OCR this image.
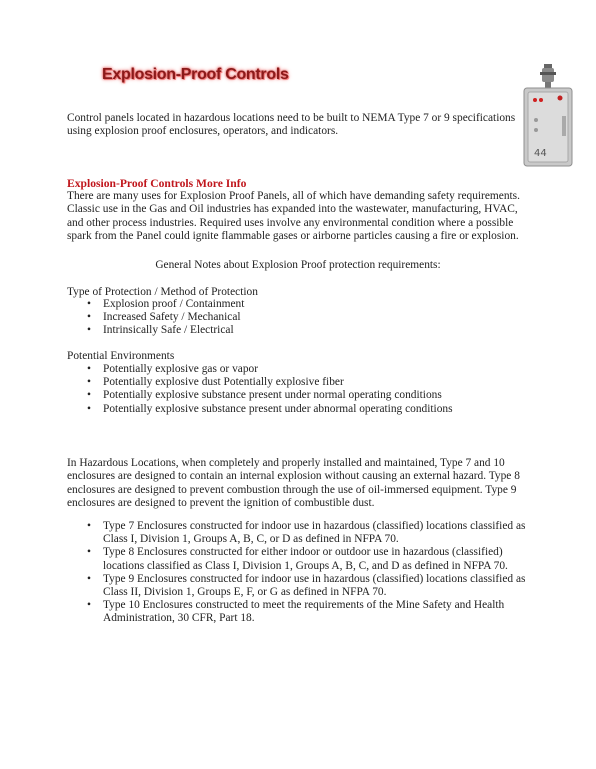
Explosion-Proof Controls
44

Control panels located in hazardous locations need to be built to NEMA Type 7 or 9 specifications using explosion proof enclosures, operators, and indicators.

Explosion-Proof Controls More Info

There are many uses for Explosion Proof Panels, all of which have demanding safety requirements. Classic use in the Gas and Oil industries has expanded into the wastewater, manufacturing, HVAC, and other process industries. Required uses involve any environmental condition where a possible spark from the Panel could ignite flammable gases or airborne particles causing a fire or explosion.

General Notes about Explosion Proof protection requirements:
Type of Protection / Method of Protection
• Explosion proof / Containment
• Increased Safety / Mechanical
• Intrinsically Safe / Electrical
Potential Environments
• Potentially explosive gas or vapor
• Potentially explosive dust Potentially explosive fiber
• Potentially explosive substance present under normal operating conditions
• Potentially explosive substance present under abnormal operating conditions

In Hazardous Locations, when completely and properly installed and maintained, Type 7 and 10 enclosures are designed to contain an internal explosion without causing an external hazard. Type 8 enclosures are designed to prevent combustion through the use of oil-immersed equipment. Type 9 enclosures are designed to prevent the ignition of combustible dust.

• Type 7 Enclosures constructed for indoor use in hazardous (classified) locations classified as Class I, Division 1, Groups A, B, C, or D as defined in NFPA 70.
• Type 8 Enclosures constructed for either indoor or outdoor use in hazardous (classified) locations classified as Class I, Division 1, Groups A, B, C, and D as defined in NFPA 70.
• Type 9 Enclosures constructed for indoor use in hazardous (classified) locations classified as Class II, Division 1, Groups E, F, or G as defined in NFPA 70.
• Type 10 Enclosures constructed to meet the requirements of the Mine Safety and Health Administration, 30 CFR, Part 18.
